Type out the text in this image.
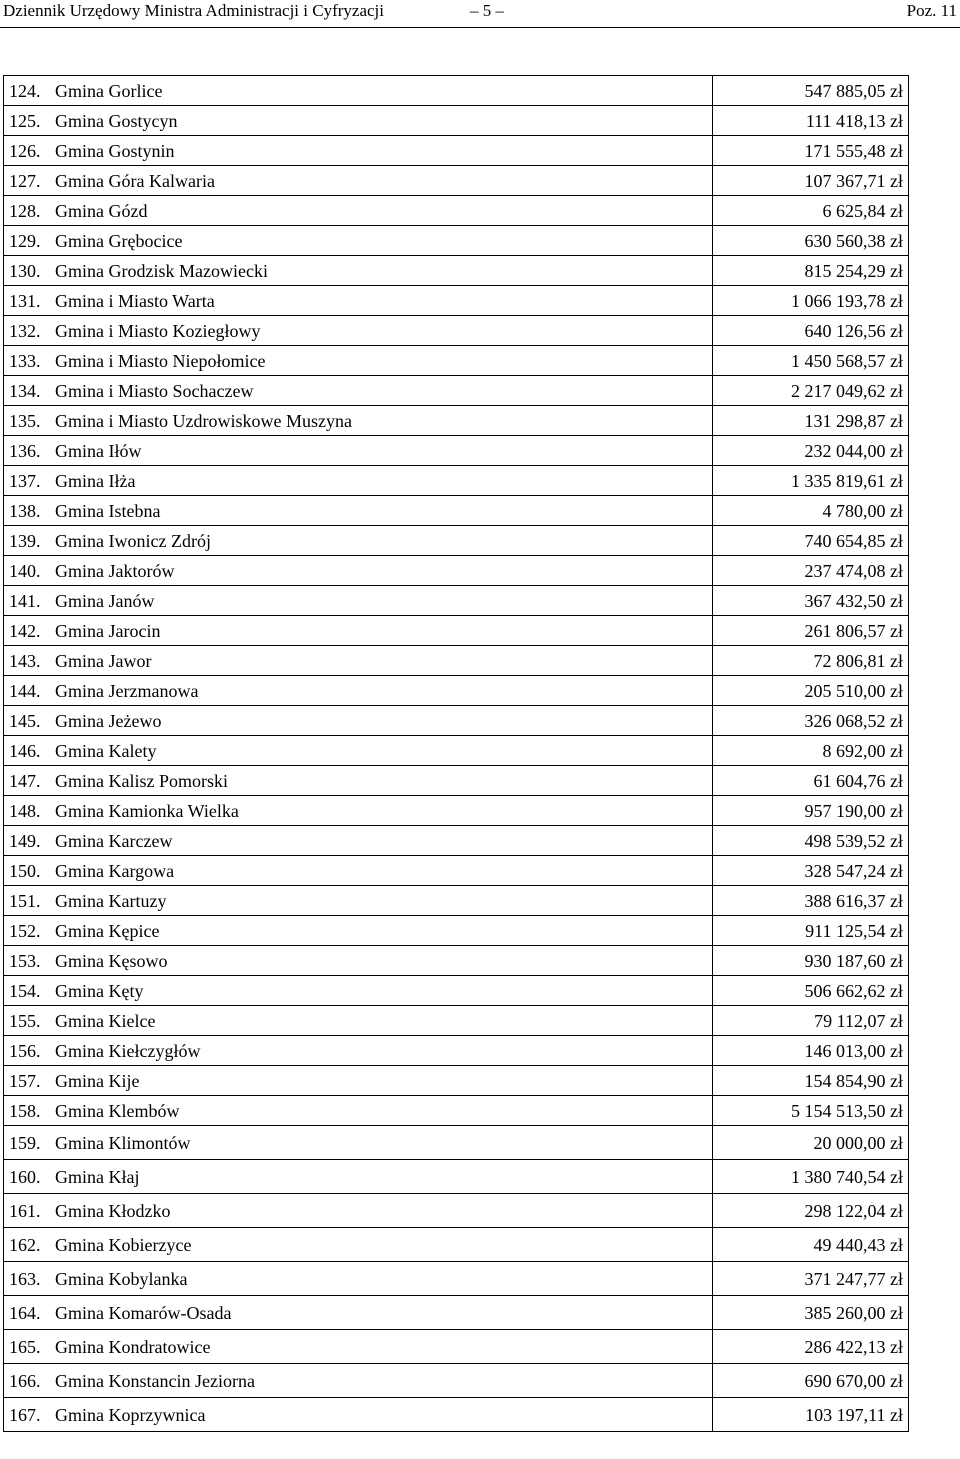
Dziennik Urzędowy Ministra Administracji i Cyfryzacji	– 5 –	Poz. 11
124.	Gmina Gorlice	547 885,05 zł
125.	Gmina Gostycyn	111 418,13 zł
126.	Gmina Gostynin	171 555,48 zł
127.	Gmina Góra Kalwaria	107 367,71 zł
128.	Gmina Gózd	6 625,84 zł
129.	Gmina Grębocice	630 560,38 zł
130.	Gmina Grodzisk Mazowiecki	815 254,29 zł
131.	Gmina i Miasto Warta	1 066 193,78 zł
132.	Gmina i Miasto Koziegłowy	640 126,56 zł
133.	Gmina i Miasto Niepołomice	1 450 568,57 zł
134.	Gmina i Miasto Sochaczew	2 217 049,62 zł
135.	Gmina i Miasto Uzdrowiskowe Muszyna	131 298,87 zł
136.	Gmina Iłów	232 044,00 zł
137.	Gmina Iłża	1 335 819,61 zł
138.	Gmina Istebna	4 780,00 zł
139.	Gmina Iwonicz Zdrój	740 654,85 zł
140.	Gmina Jaktorów	237 474,08 zł
141.	Gmina Janów	367 432,50 zł
142.	Gmina Jarocin	261 806,57 zł
143.	Gmina Jawor	72 806,81 zł
144.	Gmina Jerzmanowa	205 510,00 zł
145.	Gmina Jeżewo	326 068,52 zł
146.	Gmina Kalety	8 692,00 zł
147.	Gmina Kalisz Pomorski	61 604,76 zł
148.	Gmina Kamionka Wielka	957 190,00 zł
149.	Gmina Karczew	498 539,52 zł
150.	Gmina Kargowa	328 547,24 zł
151.	Gmina Kartuzy	388 616,37 zł
152.	Gmina Kępice	911 125,54 zł
153.	Gmina Kęsowo	930 187,60 zł
154.	Gmina Kęty	506 662,62 zł
155.	Gmina Kielce	79 112,07 zł
156.	Gmina Kiełczygłów	146 013,00 zł
157.	Gmina Kije	154 854,90 zł
158.	Gmina Klembów	5 154 513,50 zł
159.	Gmina Klimontów	20 000,00 zł
160.	Gmina Kłaj	1 380 740,54 zł
161.	Gmina Kłodzko	298 122,04 zł
162.	Gmina Kobierzyce	49 440,43 zł
163.	Gmina Kobylanka	371 247,77 zł
164.	Gmina Komarów-Osada	385 260,00 zł
165.	Gmina Kondratowice	286 422,13 zł
166.	Gmina Konstancin Jeziorna	690 670,00 zł
167.	Gmina Koprzywnica	103 197,11 zł
